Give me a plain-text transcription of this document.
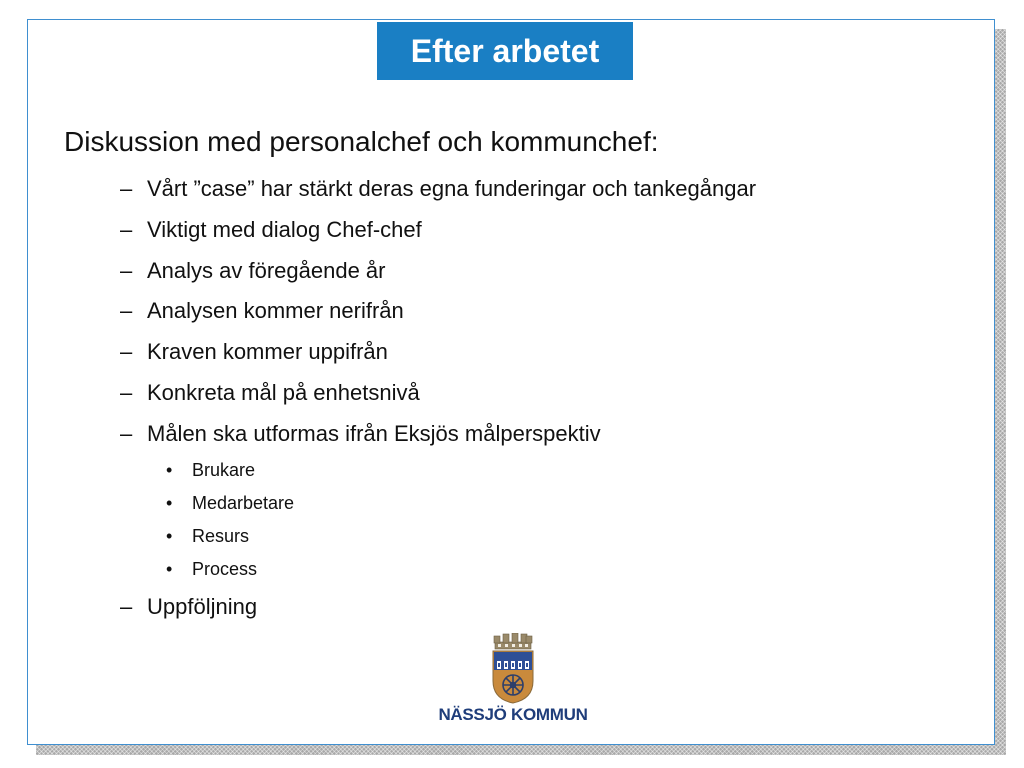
Efter arbetet
Diskussion med personalchef och kommunchef:
– Vårt ”case” har stärkt deras egna funderingar och tankegångar
– Viktigt med dialog Chef-chef
– Analys av föregående år
– Analysen kommer nerifrån
– Kraven kommer uppifrån
– Konkreta mål på enhetsnivå
– Målen ska utformas ifrån Eksjös målperspektiv
•	Brukare
•	Medarbetare
•	Resurs
•	Process
– Uppföljning
NÄSSJÖ KOMMUN
